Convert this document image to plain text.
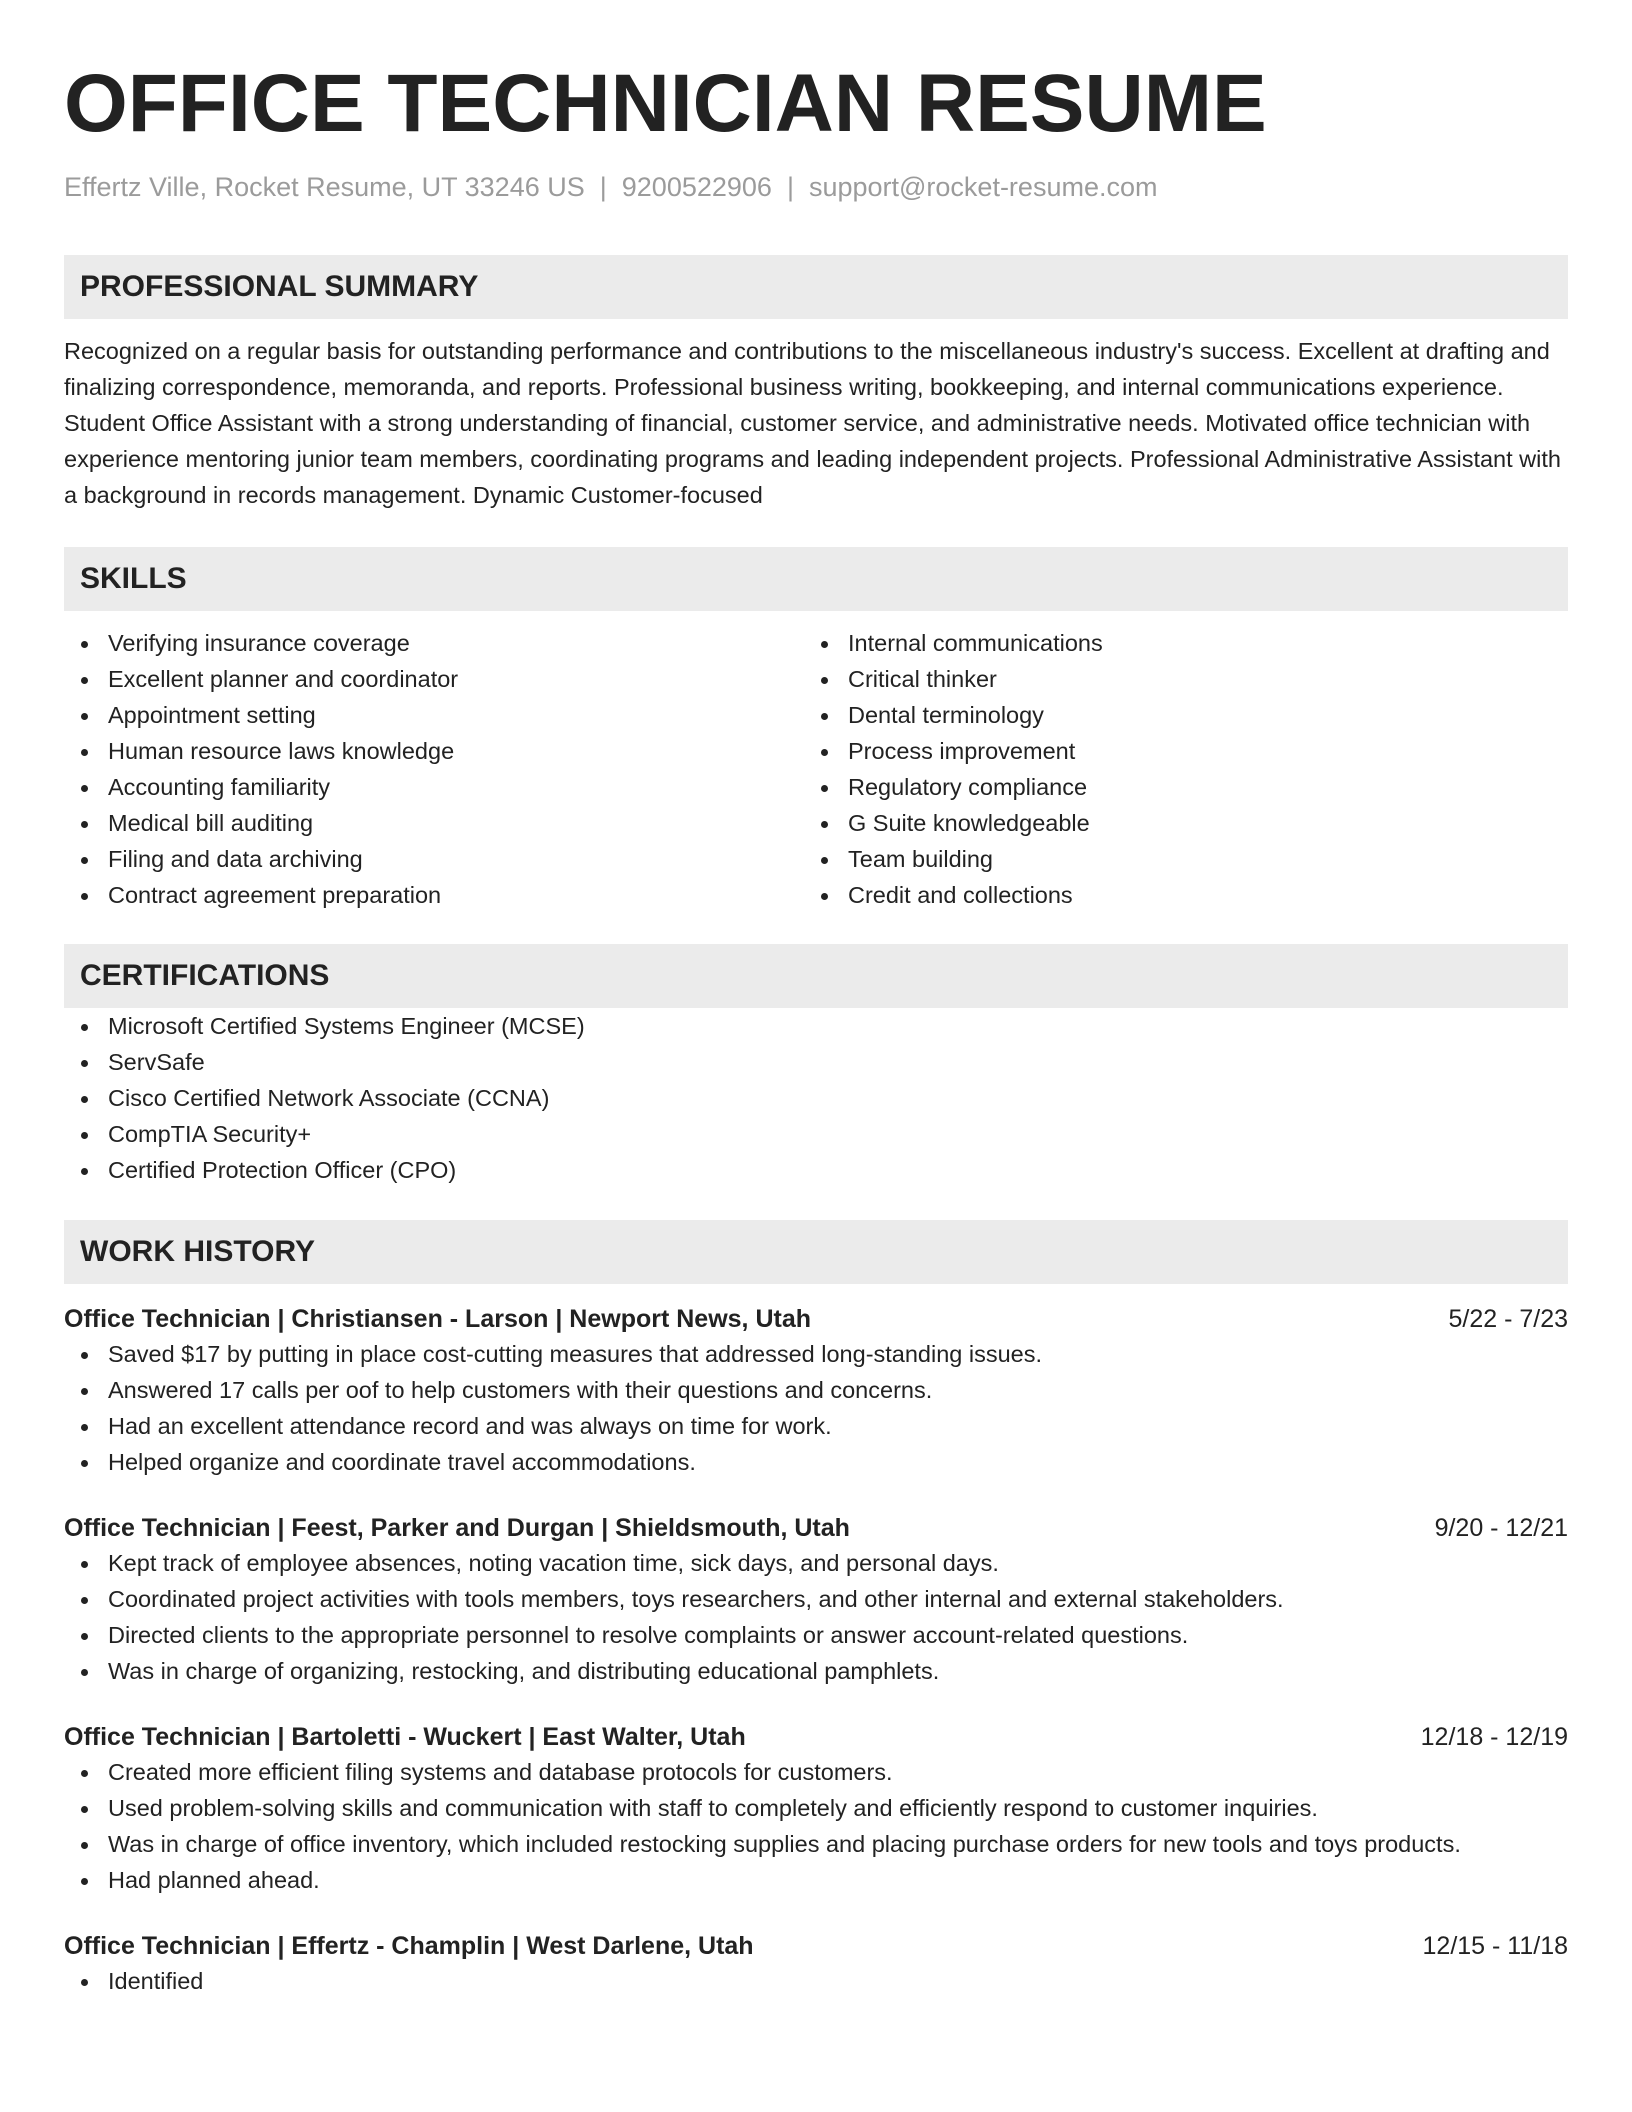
OFFICE TECHNICIAN RESUME
Effertz Ville, Rocket Resume, UT 33246 US | 9200522906 | support@rocket-resume.com
PROFESSIONAL SUMMARY

Recognized on a regular basis for outstanding performance and contributions to the miscellaneous industry's success. Excellent at drafting and finalizing correspondence, memoranda, and reports. Professional business writing, bookkeeping, and internal communications experience. Student Office Assistant with a strong understanding of financial, customer service, and administrative needs. Motivated office technician with experience mentoring junior team members, coordinating programs and leading independent projects. Professional Administrative Assistant with a background in records management. Dynamic Customer-focused

SKILLS
Verifying insurance coverage
Excellent planner and coordinator
Appointment setting
Human resource laws knowledge
Accounting familiarity
Medical bill auditing
Filing and data archiving
Contract agreement preparation
Internal communications
Critical thinker
Dental terminology
Process improvement
Regulatory compliance
G Suite knowledgeable
Team building
Credit and collections
CERTIFICATIONS
Microsoft Certified Systems Engineer (MCSE)
ServSafe
Cisco Certified Network Associate (CCNA)
CompTIA Security+
Certified Protection Officer (CPO)
WORK HISTORY
Office Technician | Christiansen - Larson | Newport News, Utah	5/22 - 7/23
Saved $17 by putting in place cost-cutting measures that addressed long-standing issues.
Answered 17 calls per oof to help customers with their questions and concerns.
Had an excellent attendance record and was always on time for work.
Helped organize and coordinate travel accommodations.
Office Technician | Feest, Parker and Durgan | Shieldsmouth, Utah	9/20 - 12/21
Kept track of employee absences, noting vacation time, sick days, and personal days.
Coordinated project activities with tools members, toys researchers, and other internal and external stakeholders.
Directed clients to the appropriate personnel to resolve complaints or answer account-related questions.
Was in charge of organizing, restocking, and distributing educational pamphlets.
Office Technician | Bartoletti - Wuckert | East Walter, Utah	12/18 - 12/19
Created more efficient filing systems and database protocols for customers.
Used problem-solving skills and communication with staff to completely and efficiently respond to customer inquiries.
Was in charge of office inventory, which included restocking supplies and placing purchase orders for new tools and toys products.
Had planned ahead.
Office Technician | Effertz - Champlin | West Darlene, Utah	12/15 - 11/18
Identified
